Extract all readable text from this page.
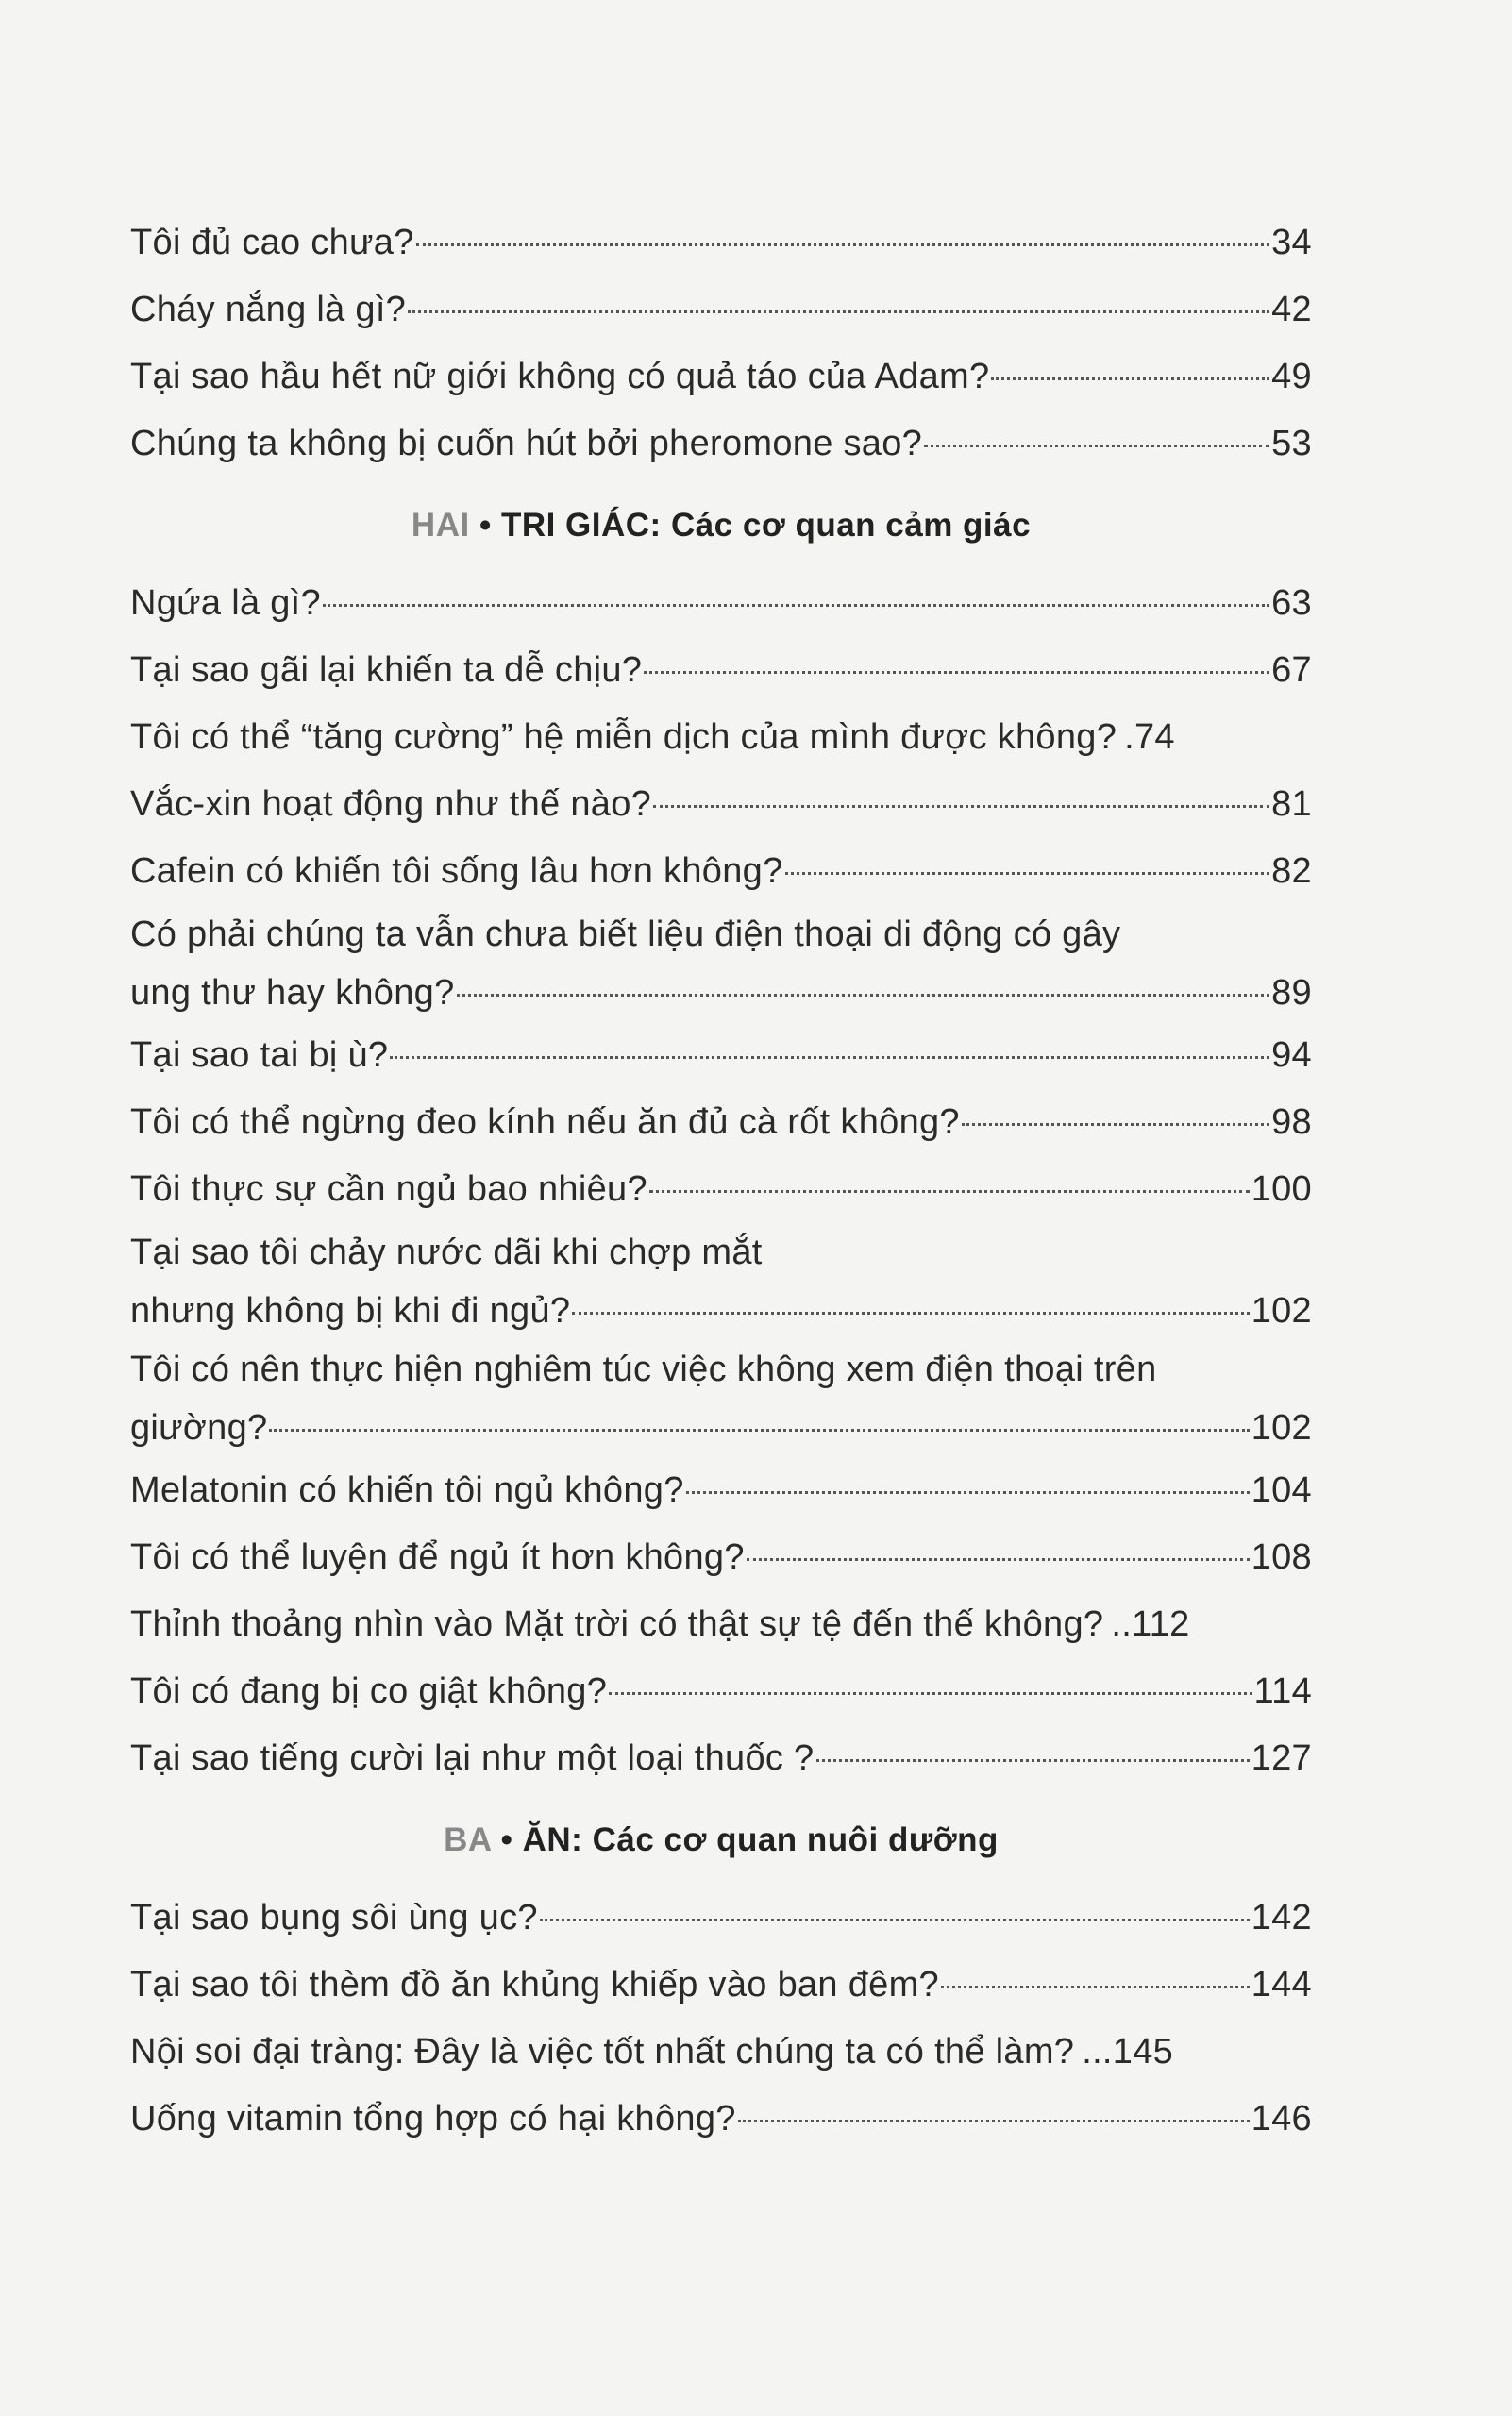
Tôi đủ cao chưa?	34
Cháy nắng là gì?	42
Tại sao hầu hết nữ giới không có quả táo của Adam?	49
Chúng ta không bị cuốn hút bởi pheromone sao?	53
HAI • TRI GIÁC: Các cơ quan cảm giác
Ngứa là gì?	63
Tại sao gãi lại khiến ta dễ chịu?	67
Tôi có thể “tăng cường” hệ miễn dịch của mình được không? .74
Vắc-xin hoạt động như thế nào?	81
Cafein có khiến tôi sống lâu hơn không?	82
Có phải chúng ta vẫn chưa biết liệu điện thoại di động có gây
ung thư hay không?	89
Tại sao tai bị ù?	94
Tôi có thể ngừng đeo kính nếu ăn đủ cà rốt không?	98
Tôi thực sự cần ngủ bao nhiêu?	100
Tại sao tôi chảy nước dãi khi chợp mắt
nhưng không bị khi đi ngủ?	102
Tôi có nên thực hiện nghiêm túc việc không xem điện thoại trên
giường?	102
Melatonin có khiến tôi ngủ không?	104
Tôi có thể luyện để ngủ ít hơn không?	108
Thỉnh thoảng nhìn vào Mặt trời có thật sự tệ đến thế không? ..112
Tôi có đang bị co giật không?	114
Tại sao tiếng cười lại như một loại thuốc ?	127
BA • ĂN: Các cơ quan nuôi dưỡng
Tại sao bụng sôi ùng ục?	142
Tại sao tôi thèm đồ ăn khủng khiếp vào ban đêm?	144
Nội soi đại tràng: Đây là việc tốt nhất chúng ta có thể làm? ...145
Uống vitamin tổng hợp có hại không?	146
